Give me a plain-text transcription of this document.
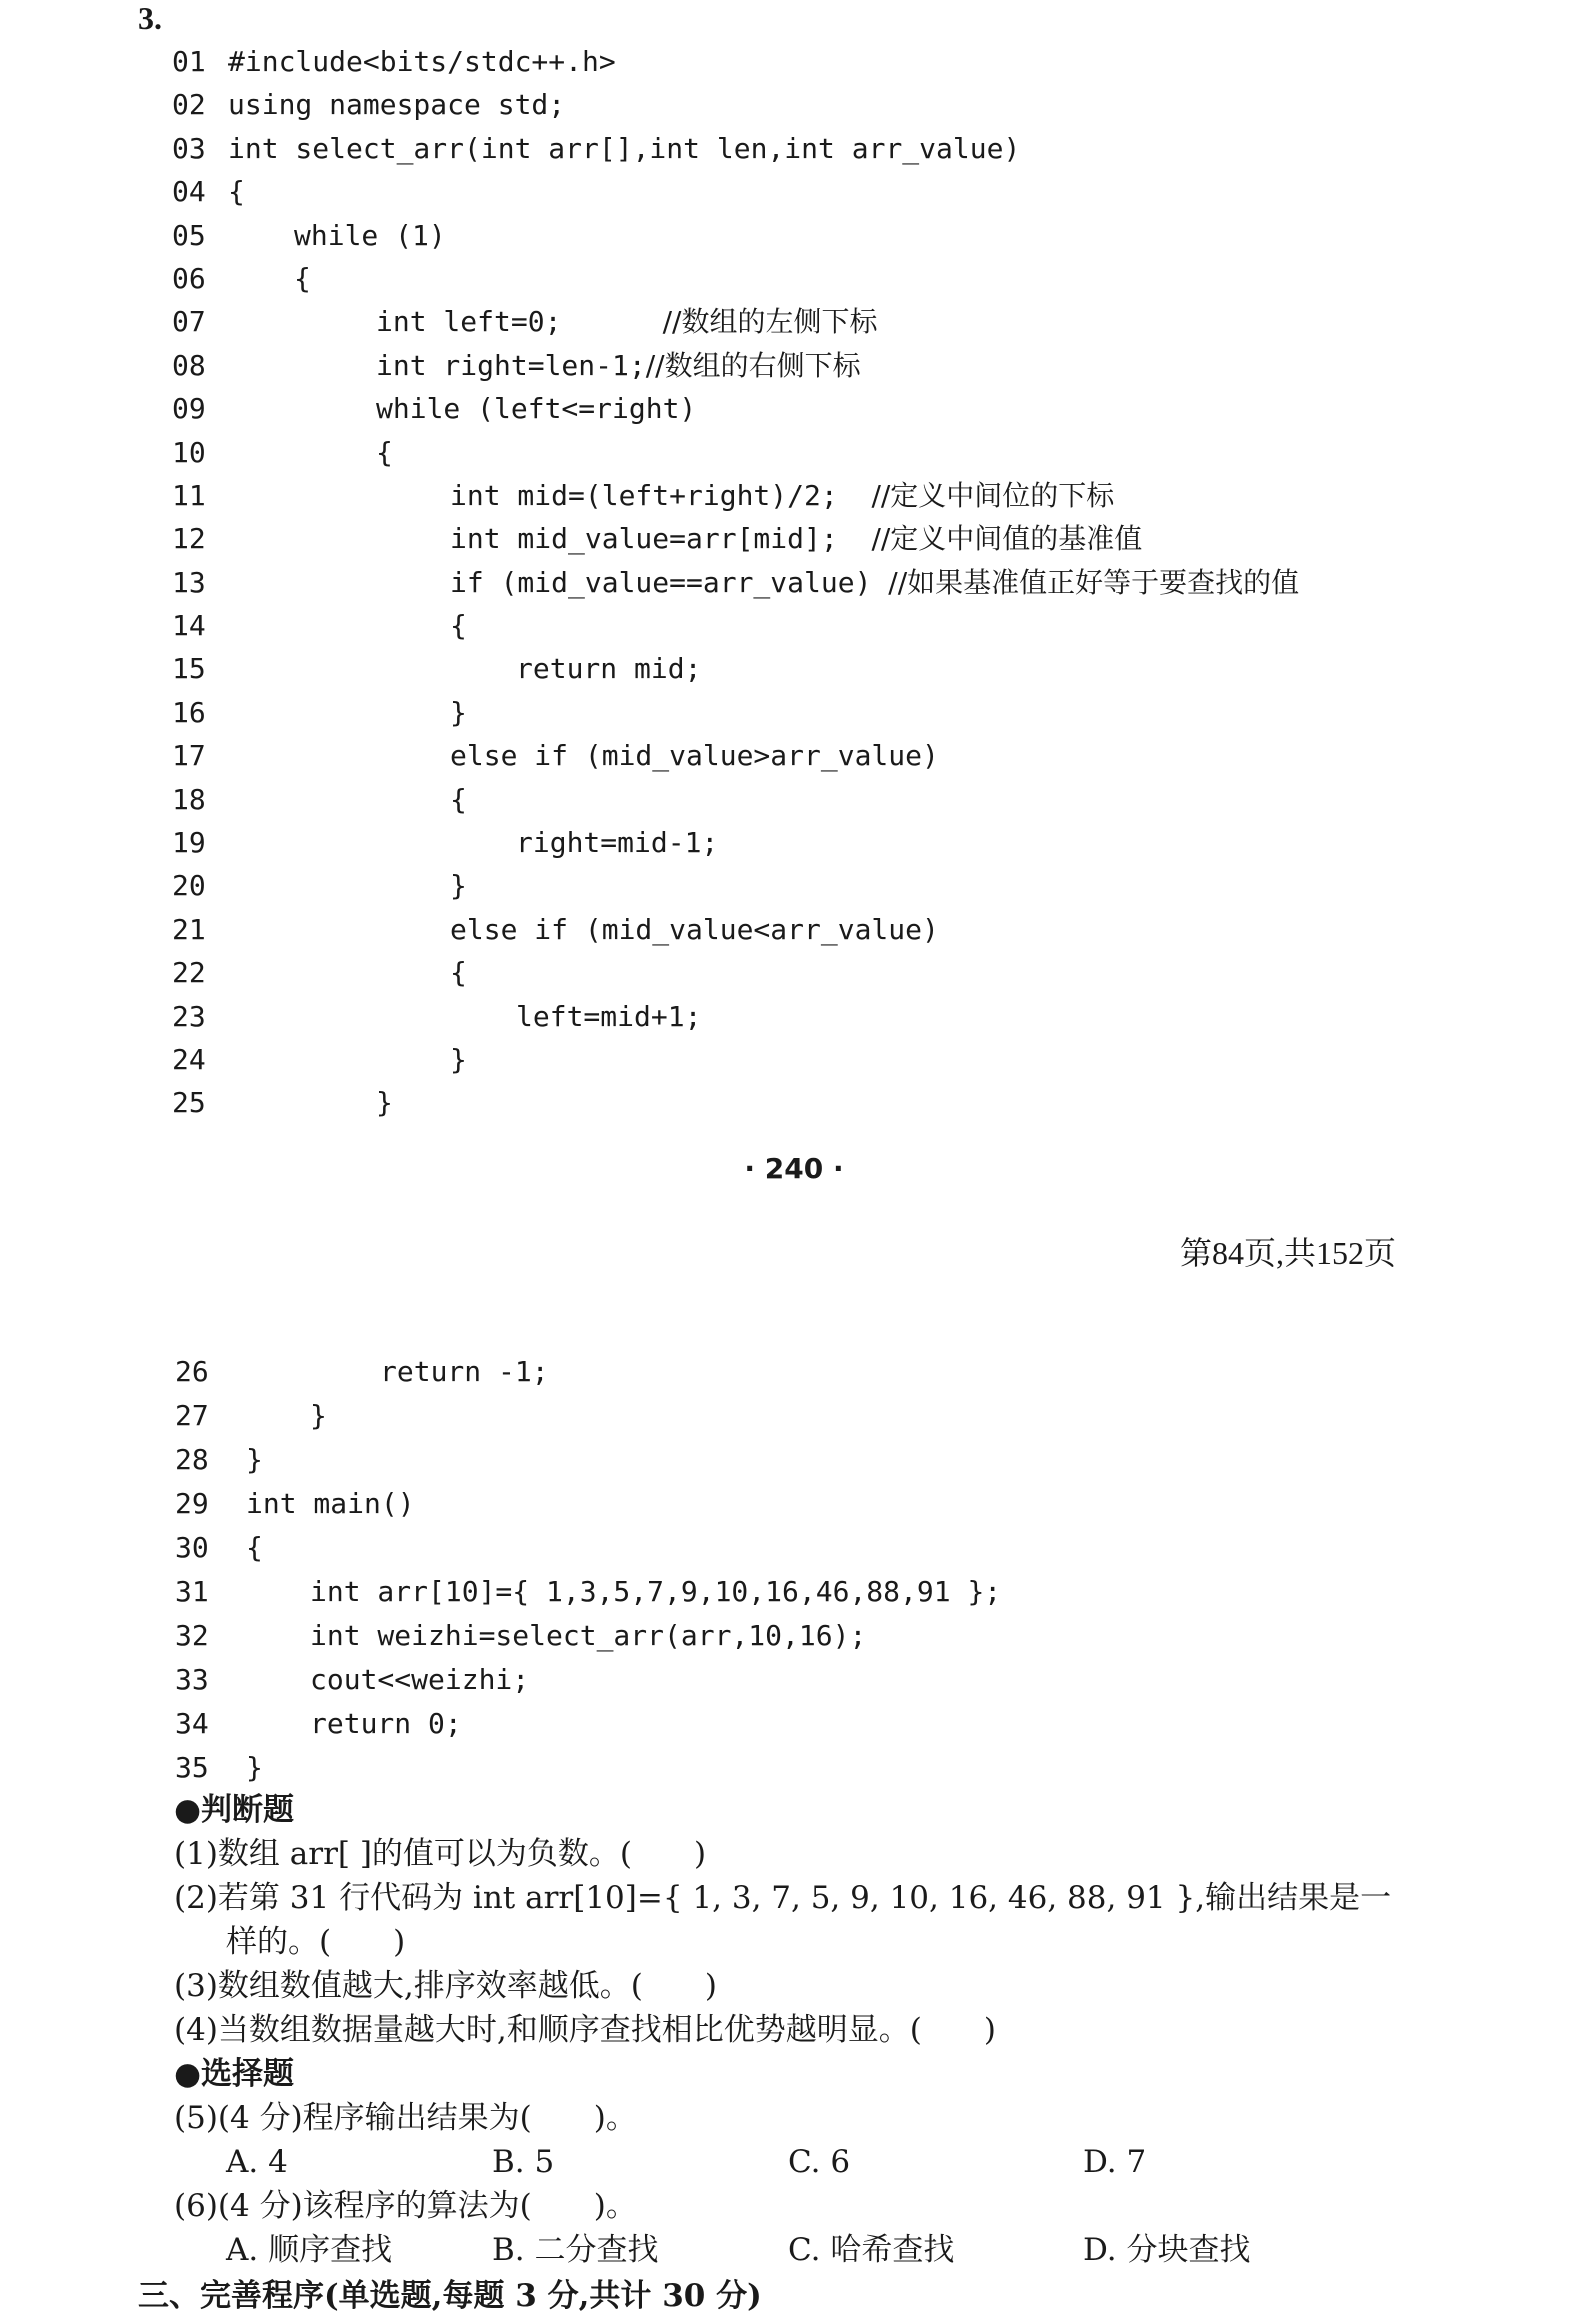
3.
01 #include<bits/stdc++.h>
02 using namespace std;
03 int select_arr(int arr[],int len,int arr_value)
04 {
05	while (1)
06	{
07	int left=0;      //数组的左侧下标
08	int right=len-1;//数组的右侧下标
09	while (left<=right)
10	{
11	int mid=(left+right)/2;  //定义中间位的下标
12	int mid_value=arr[mid];  //定义中间值的基准值
13	if (mid_value==arr_value) //如果基准值正好等于要查找的值
14	{
15	return mid;
16	}
17	else if (mid_value>arr_value)
18	{
19	right=mid-1;
20	}
21	else if (mid_value<arr_value)
22	{
23	left=mid+1;
24	}
25	}
· 240 ·
第84页,共152页
26	return -1;
27	}
28	}
29	int main()
30	{
31	int arr[10]={ 1,3,5,7,9,10,16,46,88,91 };
32	int weizhi=select_arr(arr,10,16);
33	cout<<weizhi;
34	return 0;
35	}
●判断题
(1)数组 arr[ ]的值可以为负数。(　　)
(2)若第 31 行代码为 int arr[10]={ 1, 3, 7, 5, 9, 10, 16, 46, 88, 91 },输出结果是一
样的。(　　)
(3)数组数值越大,排序效率越低。(　　)
(4)当数组数据量越大时,和顺序查找相比优势越明显。(　　)
●选择题
(5)(4 分)程序输出结果为(　　)。
A. 4	B. 5	C. 6	D. 7
(6)(4 分)该程序的算法为(　　)。
A. 顺序查找	B. 二分查找	C. 哈希查找	D. 分块查找
三、完善程序(单选题,每题 3 分,共计 30 分)
